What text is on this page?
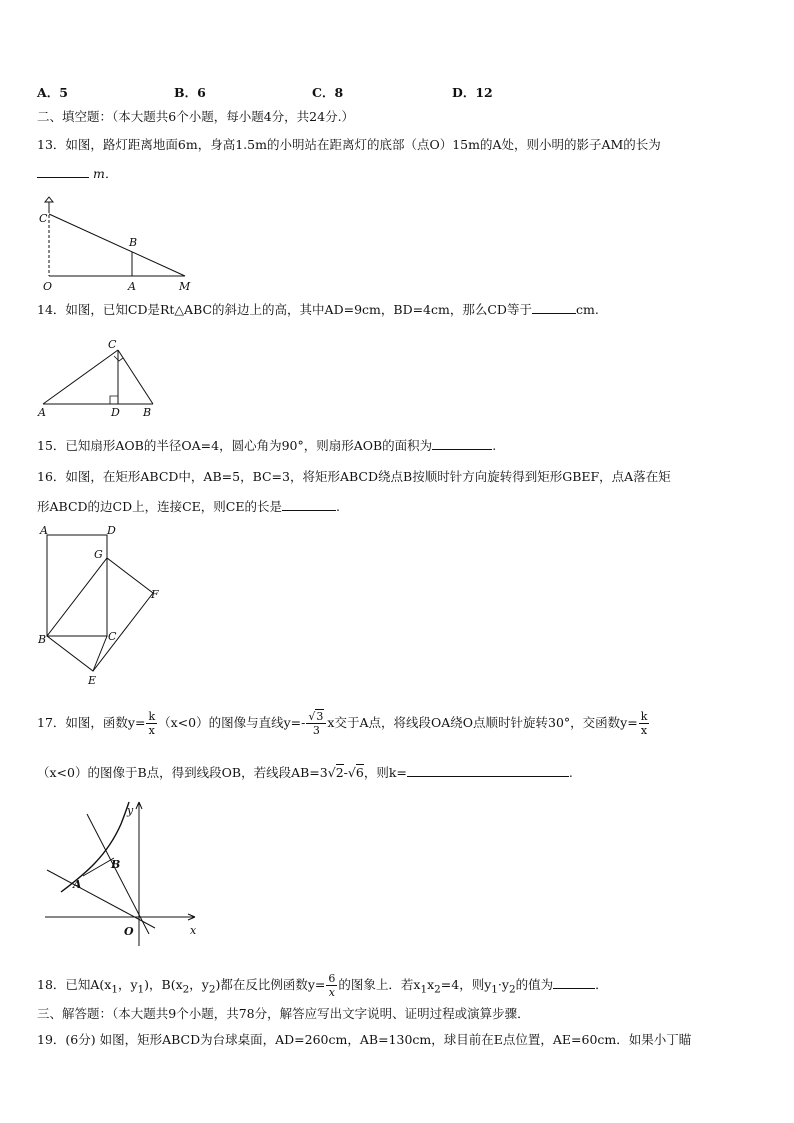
A．5	B．6	C．8	D．12
二、填空题：（本大题共6个小题，每小题4分，共24分.）
13．如图，路灯距离地面6m，身高1.5m的小明站在距离灯的底部（点O）15m的A处，则小明的影子AM的长为
m．
C
B
O	A	M
14．如图，已知CD是Rt△ABC的斜边上的高，其中AD=9cm，BD=4cm，那么CD等于	cm.
C
A	D B
15．已知扇形AOB的半径OA=4，圆心角为90°，则扇形AOB的面积为	.
16．如图，在矩形ABCD中，AB=5，BC=3，将矩形ABCD绕点B按顺时针方向旋转得到矩形GBEF，点A落在矩
形ABCD的边CD上，连接CE，则CE的长是	.
A	D
G
F
B	C
E
17．如图，函数$y= \frac{k}{x} (x<0)$的图像与直线$y=- \frac{√3}{3}$ x交于A点，将线段OA绕O点顺时针旋转30°，交函数$y= \frac{k}{x}$
（x<0）的图像于B点，得到线段OB，若线段AB=3√2-√6，则k=	.
y
B
A
O	x
18．已知$A(x_1$，$y_1$)，$B(x_2$，$y_2$)都在反比例函数$y= \frac{6}{x}$ 的图象上．若$x_1x_2=4$，则$y_1\cdot y_2$的值为	．
三、解答题：（本大题共9个小题，共78分，解答应写出文字说明、证明过程或演算步骤．
19．(6分) 如图，矩形ABCD为台球桌面，AD=260cm，AB=130cm，球目前在E点位置，AE=60cm．如果小丁瞄
